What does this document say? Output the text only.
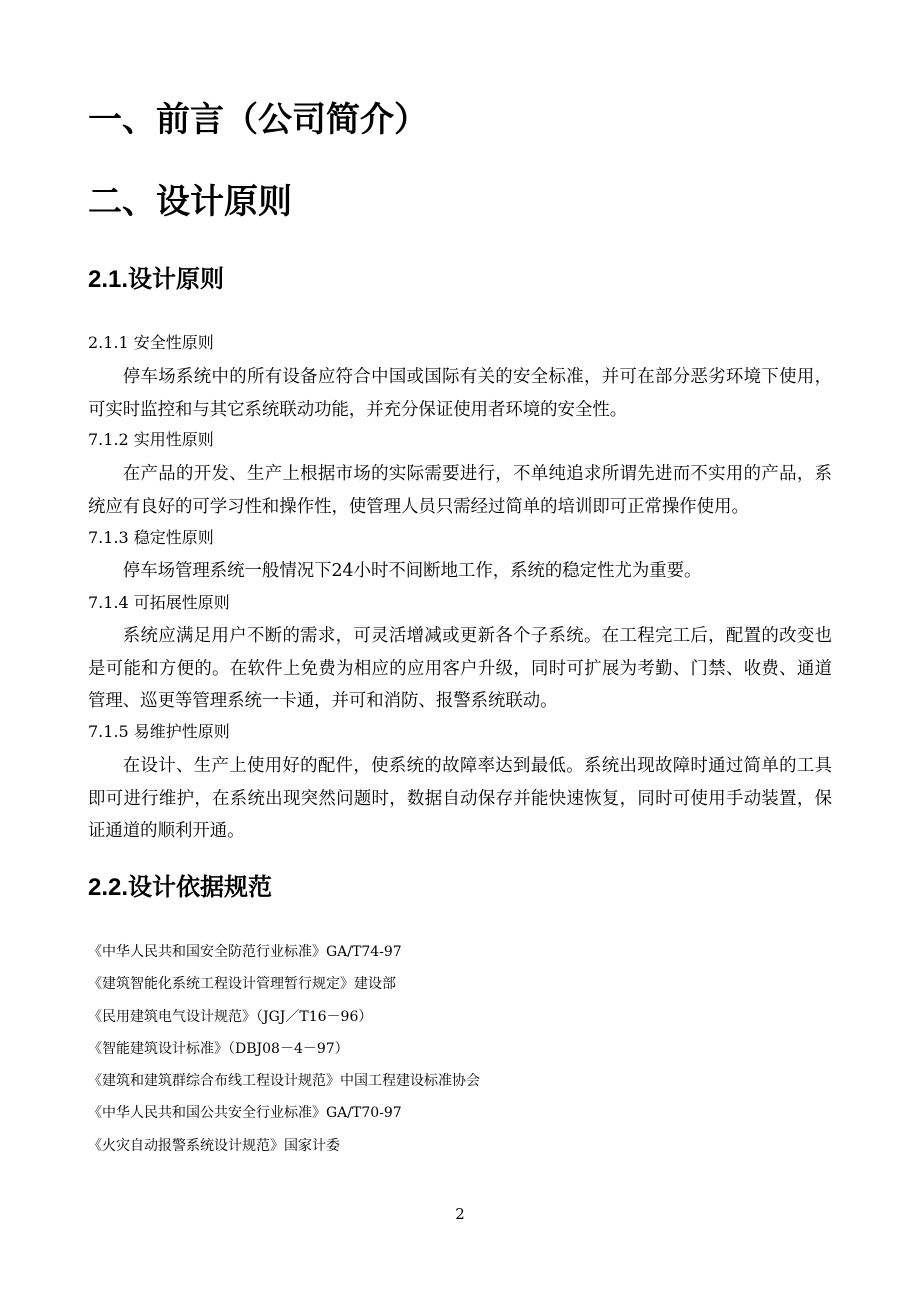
一、前言（公司简介）
二、设计原则
2.1.设计原则
2.1.1 安全性原则

停车场系统中的所有设备应符合中国或国际有关的安全标准，并可在部分恶劣环境下使用，可实时监控和与其它系统联动功能，并充分保证使用者环境的安全性。

7.1.2 实用性原则

在产品的开发、生产上根据市场的实际需要进行，不单纯追求所谓先进而不实用的产品，系统应有良好的可学习性和操作性，使管理人员只需经过简单的培训即可正常操作使用。

7.1.3 稳定性原则

停车场管理系统一般情况下24小时不间断地工作，系统的稳定性尤为重要。

7.1.4 可拓展性原则

系统应满足用户不断的需求，可灵活增减或更新各个子系统。在工程完工后，配置的改变也是可能和方便的。在软件上免费为相应的应用客户升级，同时可扩展为考勤、门禁、收费、通道管理、巡更等管理系统一卡通，并可和消防、报警系统联动。

7.1.5 易维护性原则

在设计、生产上使用好的配件，使系统的故障率达到最低。系统出现故障时通过简单的工具即可进行维护，在系统出现突然问题时，数据自动保存并能快速恢复，同时可使用手动装置，保证通道的顺利开通。

2.2.设计依据规范
《中华人民共和国安全防范行业标准》GA/T74-97
《建筑智能化系统工程设计管理暂行规定》建设部
《民用建筑电气设计规范》（JGJ／T16－96）
《智能建筑设计标准》（DBJ08－4－97）
《建筑和建筑群综合布线工程设计规范》中国工程建设标准协会
《中华人民共和国公共安全行业标准》GA/T70-97
《火灾自动报警系统设计规范》国家计委
2
